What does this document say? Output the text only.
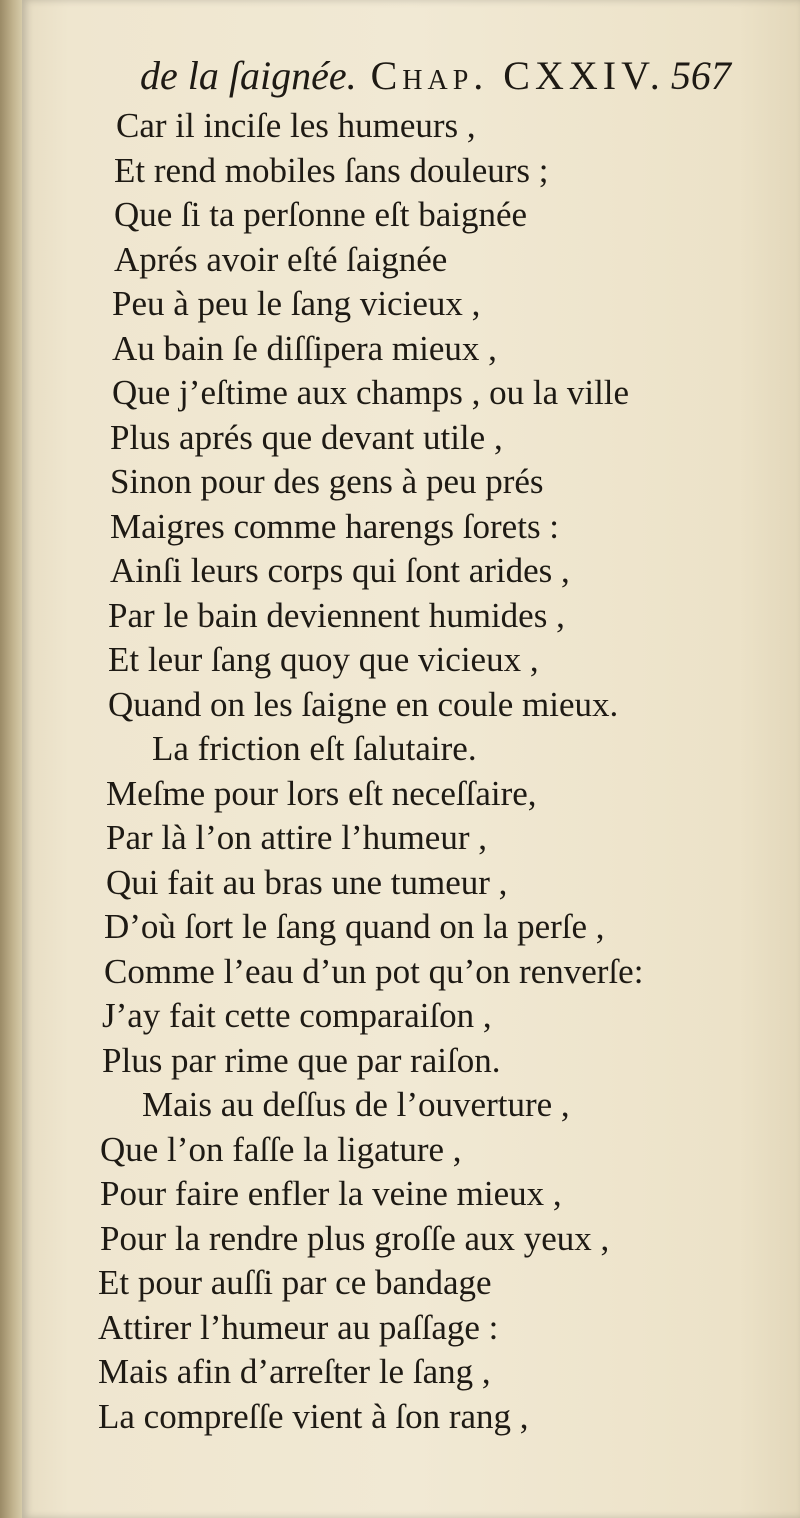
de la ſaignée. Chap. CXXIV. 567
Car il inciſe les humeurs ,
Et rend mobiles ſans douleurs ;
Que ſi ta perſonne eſt baignée
Aprés avoir eſté ſaignée
Peu à peu le ſang vicieux ,
Au bain ſe diſſipera mieux ,
Que j’eſtime aux champs , ou la ville
Plus aprés que devant utile ,
Sinon pour des gens à peu prés
Maigres comme harengs ſorets :
Ainſi leurs corps qui ſont arides ,
Par le bain deviennent humides ,
Et leur ſang quoy que vicieux ,
Quand on les ſaigne en coule mieux.
La friction eſt ſalutaire.
Meſme pour lors eſt neceſſaire,
Par là l’on attire l’humeur ,
Qui fait au bras une tumeur ,
D’où ſort le ſang quand on la perſe ,
Comme l’eau d’un pot qu’on renverſe:
J’ay fait cette comparaiſon ,
Plus par rime que par raiſon.
Mais au deſſus de l’ouverture ,
Que l’on faſſe la ligature ,
Pour faire enfler la veine mieux ,
Pour la rendre plus groſſe aux yeux ,
Et pour auſſi par ce bandage
Attirer l’humeur au paſſage :
Mais afin d’arreſter le ſang ,
La compreſſe vient à ſon rang ,
